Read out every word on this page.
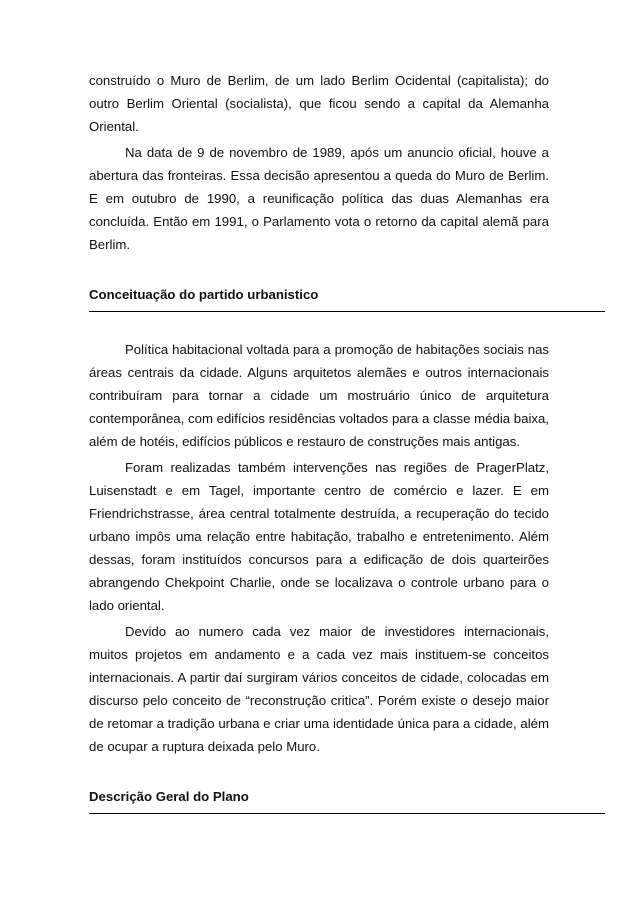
construído o Muro de Berlim, de um lado Berlim Ocidental (capitalista); do outro Berlim Oriental (socialista), que ficou sendo a capital da Alemanha Oriental.

Na data de 9 de novembro de 1989, após um anuncio oficial, houve a abertura das fronteiras. Essa decisão apresentou a queda do Muro de Berlim. E em outubro de 1990, a reunificação política das duas Alemanhas era concluída. Então em 1991, o Parlamento vota o retorno da capital alemã para Berlim.

Conceituação do partido urbanistico

Política habitacional voltada para a promoção de habitações sociais nas áreas centrais da cidade. Alguns arquitetos alemães e outros internacionais contribuíram para tornar a cidade um mostruário único de arquitetura contemporânea, com edifícios residências voltados para a classe média baixa, além de hotéis, edifícios públicos e restauro de construções mais antigas.

Foram realizadas também intervenções nas regiões de PragerPlatz, Luisenstadt e em Tagel, importante centro de comércio e lazer. E em Friendrichstrasse, área central totalmente destruída, a recuperação do tecido urbano impôs uma relação entre habitação, trabalho e entretenimento. Além dessas, foram instituídos concursos para a edificação de dois quarteirões abrangendo Chekpoint Charlie, onde se localizava o controle urbano para o lado oriental.

Devido ao numero cada vez maior de investidores internacionais, muitos projetos em andamento e a cada vez mais instituem-se conceitos internacionais. A partir daí surgiram vários conceitos de cidade, colocadas em discurso pelo conceito de “reconstrução critica”. Porém existe o desejo maior de retomar a tradição urbana e criar uma identidade única para a cidade, além de ocupar a ruptura deixada pelo Muro.

Descrição Geral do Plano
